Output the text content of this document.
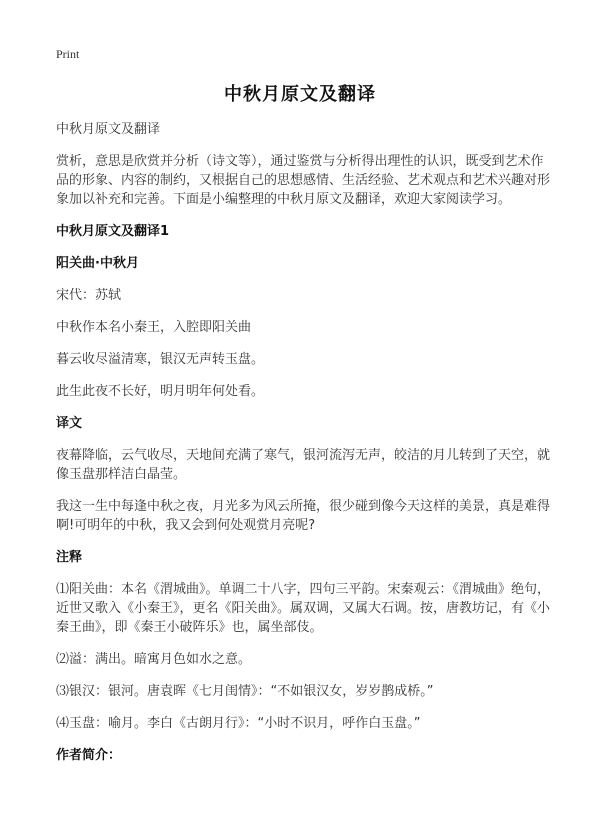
Print
中秋月原文及翻译

中秋月原文及翻译

赏析，意思是欣赏并分析（诗文等），通过鉴赏与分析得出理性的认识，既受到艺术作品的形象、内容的制约，又根据自己的思想感情、生活经验、艺术观点和艺术兴趣对形象加以补充和完善。下面是小编整理的中秋月原文及翻译，欢迎大家阅读学习。

中秋月原文及翻译1

阳关曲·中秋月

宋代：苏轼

中秋作本名小秦王，入腔即阳关曲

暮云收尽溢清寒，银汉无声转玉盘。

此生此夜不长好，明月明年何处看。

译文

夜幕降临，云气收尽，天地间充满了寒气，银河流泻无声，皎洁的月儿转到了天空，就像玉盘那样洁白晶莹。

我这一生中每逢中秋之夜，月光多为风云所掩，很少碰到像今天这样的美景，真是难得啊!可明年的中秋，我又会到何处观赏月亮呢?

注释

⑴阳关曲：本名《渭城曲》。单调二十八字，四句三平韵。宋秦观云：《渭城曲》绝句，近世又歌入《小秦王》，更名《阳关曲》。属双调，又属大石调。按，唐教坊记，有《小秦王曲》，即《秦王小破阵乐》也，属坐部伎。

⑵溢：满出。暗寓月色如水之意。

⑶银汉：银河。唐袁晖《七月闺情》：“不如银汉女，岁岁鹊成桥。”

⑷玉盘：喻月。李白《古朗月行》：“小时不识月，呼作白玉盘。”

作者简介：
